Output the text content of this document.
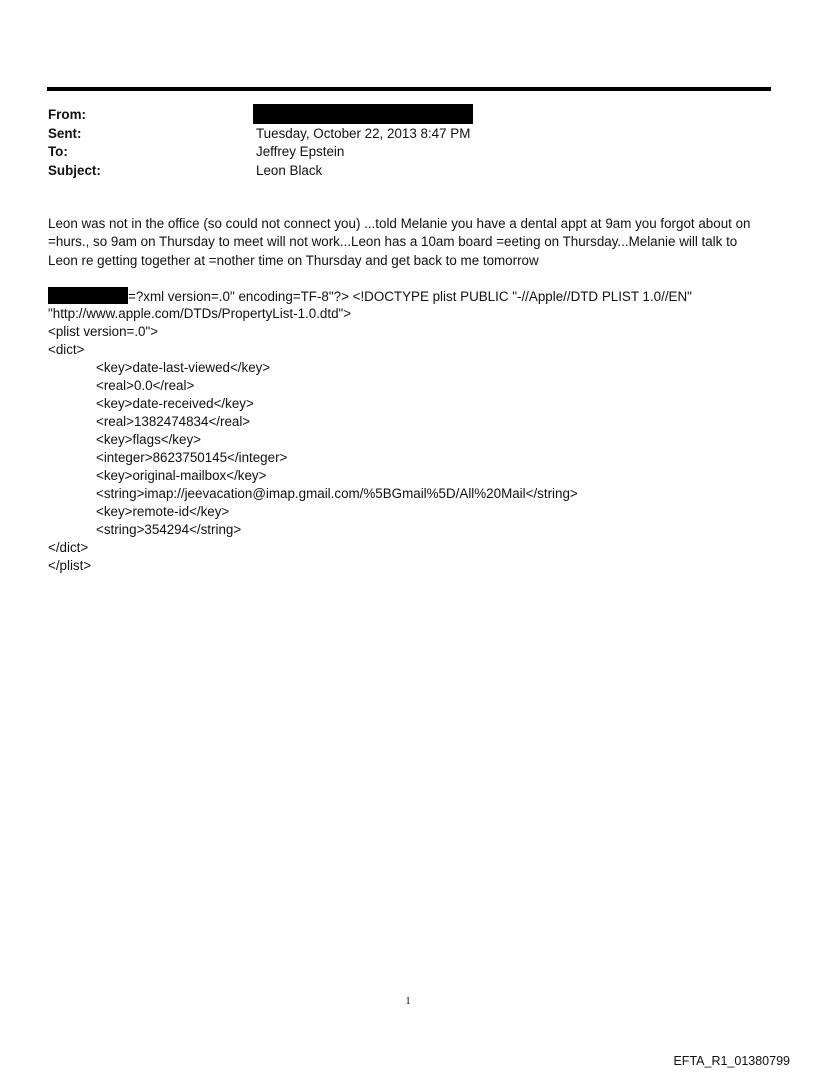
From:
Sent:	Tuesday, October 22, 2013 8:47 PM
To:	Jeffrey Epstein
Subject:	Leon Black

Leon was not in the office (so could not connect you) ...told Melanie you have a dental appt at 9am you forgot about on

=hurs., so 9am on Thursday to meet will not work...Leon has a 10am board =eeting on Thursday...Melanie will talk to

Leon re getting together at =nother time on Thursday and get back to me tomorrow

=?xml version=.0" encoding=TF-8"?> <!DOCTYPE plist PUBLIC "-//Apple//DTD PLIST 1.0//EN"
"http://www.apple.com/DTDs/PropertyList-1.0.dtd">
<plist version=.0">
<dict>
<key>date-last-viewed</key>
<real>0.0</real>
<key>date-received</key>
<real>1382474834</real>
<key>flags</key>
<integer>8623750145</integer>
<key>original-mailbox</key>
<string>imap://jeevacation@imap.gmail.com/%5BGmail%5D/All%20Mail</string>
<key>remote-id</key>
<string>354294</string>
</dict>
</plist>
1
EFTA_R1_01380799
